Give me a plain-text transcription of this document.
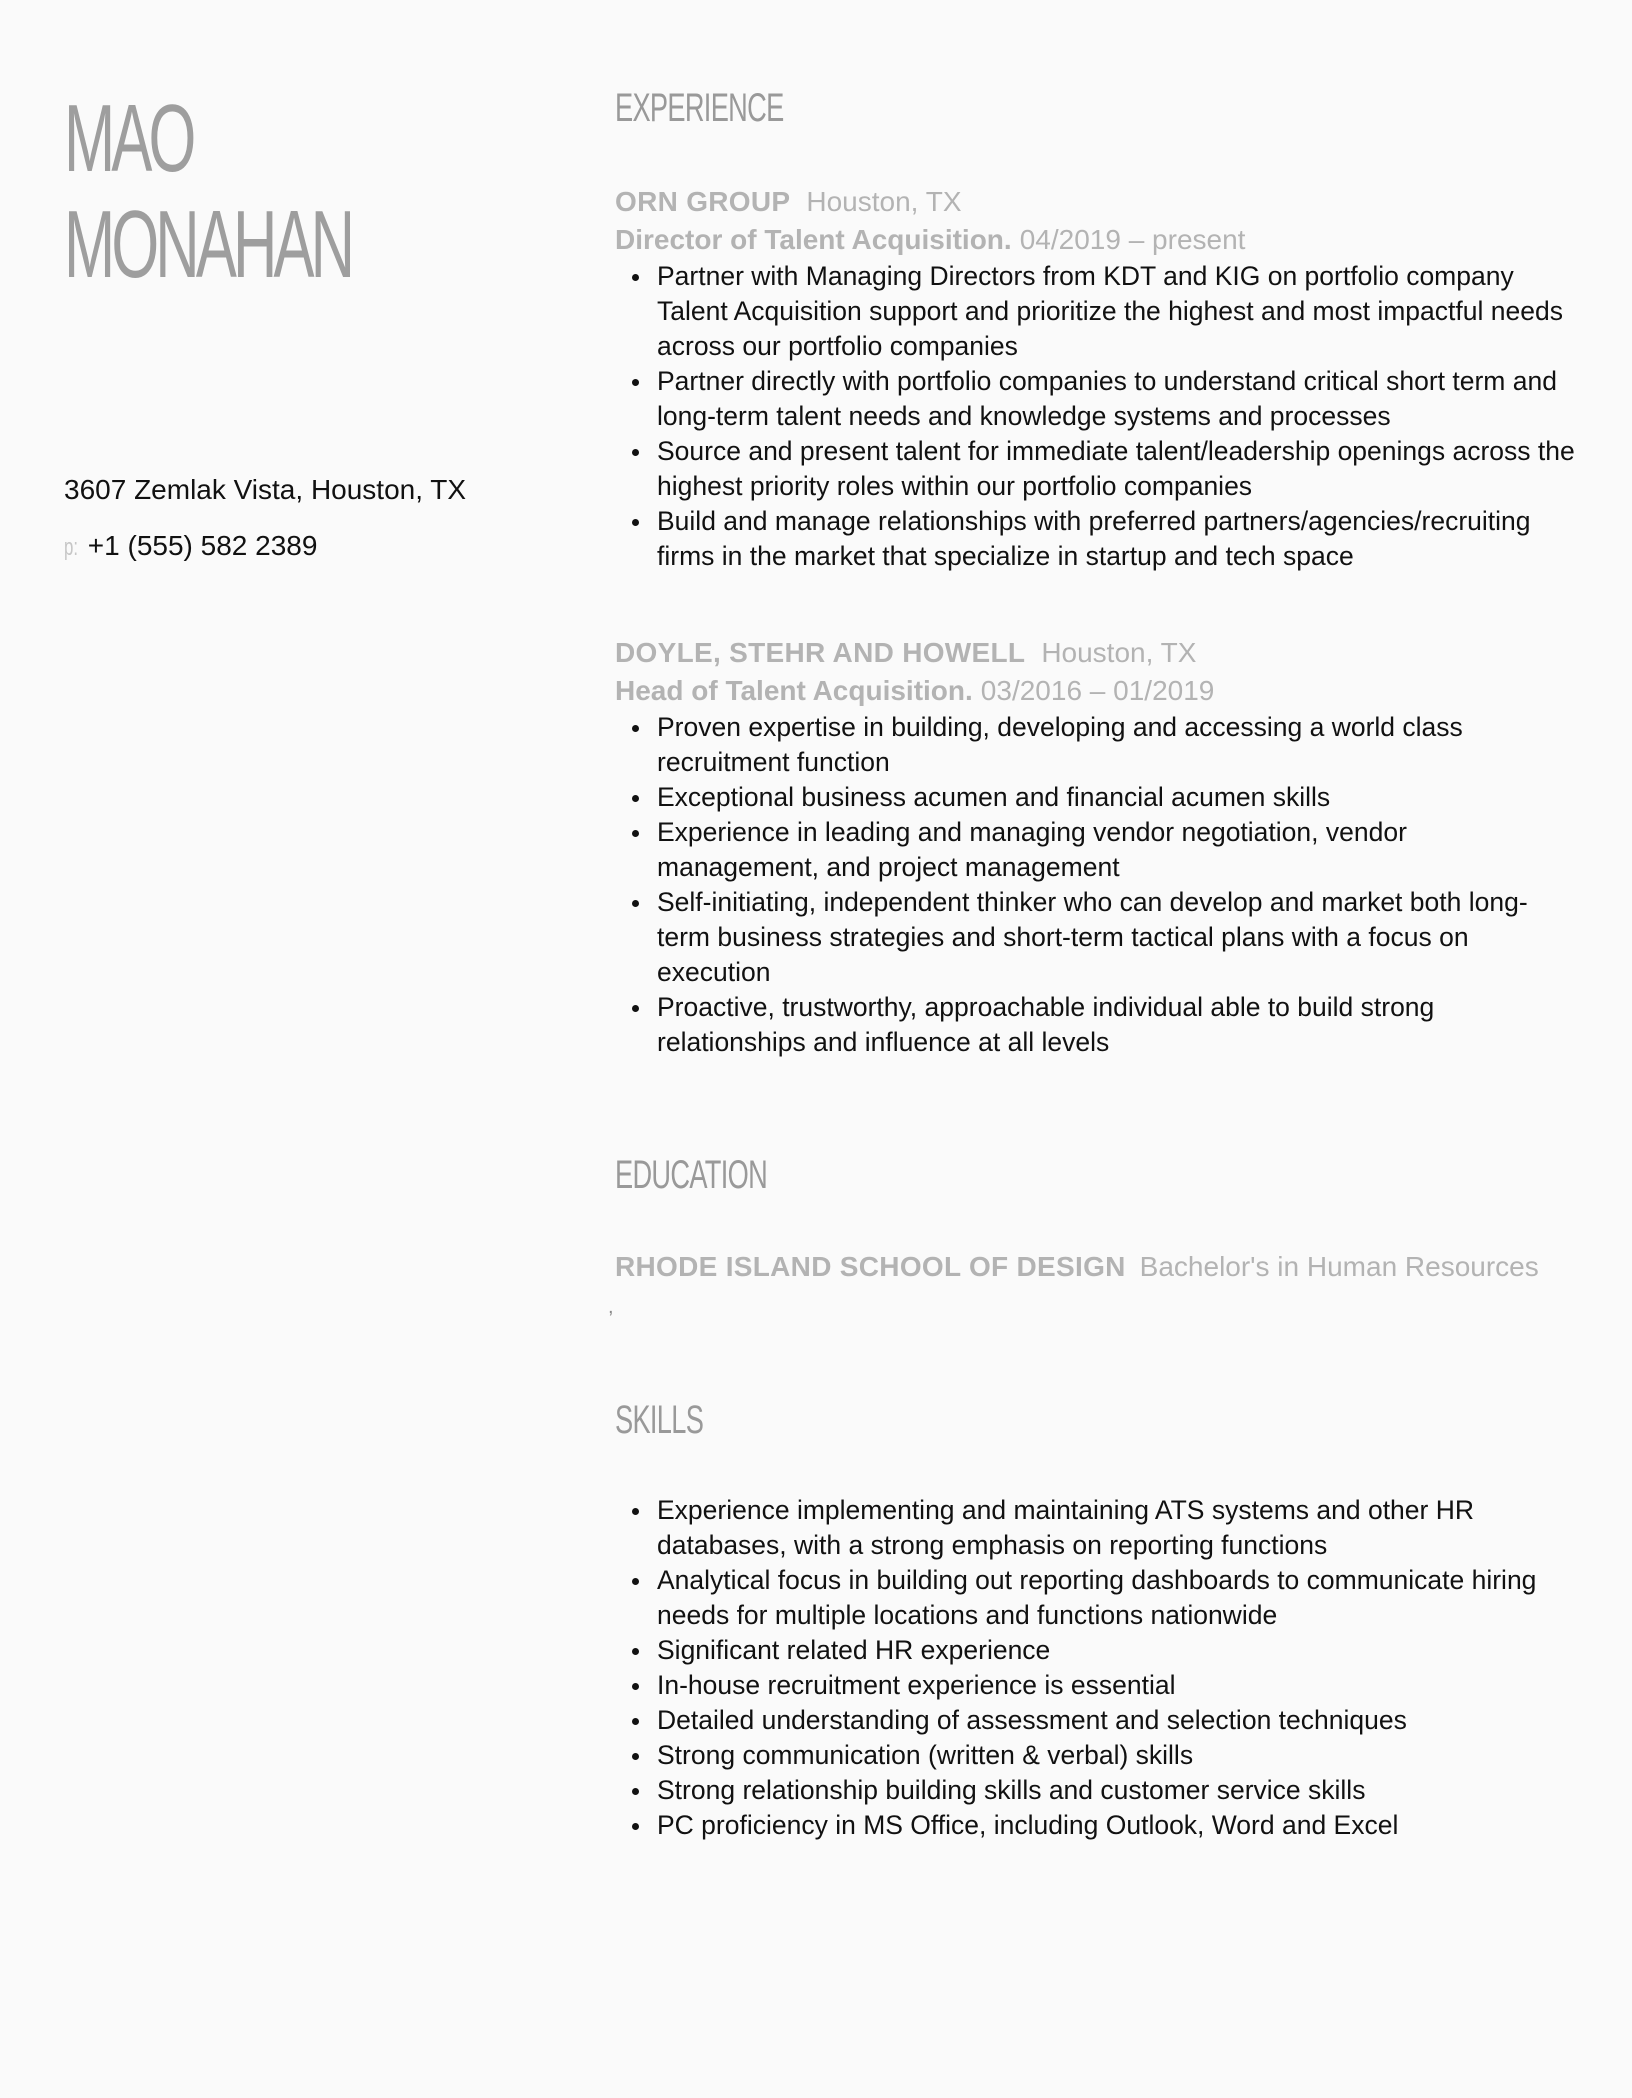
MAO
MONAHAN
3607 Zemlak Vista, Houston, TX
p: +1 (555) 582 2389
EXPERIENCE
ORN GROUP Houston, TX
Director of Talent Acquisition. 04/2019 – present
Partner with Managing Directors from KDT and KIG on portfolio company Talent Acquisition support and prioritize the highest and most impactful needs across our portfolio companies
Partner directly with portfolio companies to understand critical short term and long-term talent needs and knowledge systems and processes
Source and present talent for immediate talent/leadership openings across the highest priority roles within our portfolio companies
Build and manage relationships with preferred partners/agencies/recruiting firms in the market that specialize in startup and tech space
DOYLE, STEHR AND HOWELL Houston, TX
Head of Talent Acquisition. 03/2016 – 01/2019
Proven expertise in building, developing and accessing a world class recruitment function
Exceptional business acumen and financial acumen skills
Experience in leading and managing vendor negotiation, vendor management, and project management
Self-initiating, independent thinker who can develop and market both long-term business strategies and short-term tactical plans with a focus on execution
Proactive, trustworthy, approachable individual able to build strong relationships and influence at all levels
EDUCATION
RHODE ISLAND SCHOOL OF DESIGN Bachelor's in Human Resources
,
SKILLS
Experience implementing and maintaining ATS systems and other HR databases, with a strong emphasis on reporting functions
Analytical focus in building out reporting dashboards to communicate hiring needs for multiple locations and functions nationwide
Significant related HR experience
In-house recruitment experience is essential
Detailed understanding of assessment and selection techniques
Strong communication (written & verbal) skills
Strong relationship building skills and customer service skills
PC proficiency in MS Office, including Outlook, Word and Excel
